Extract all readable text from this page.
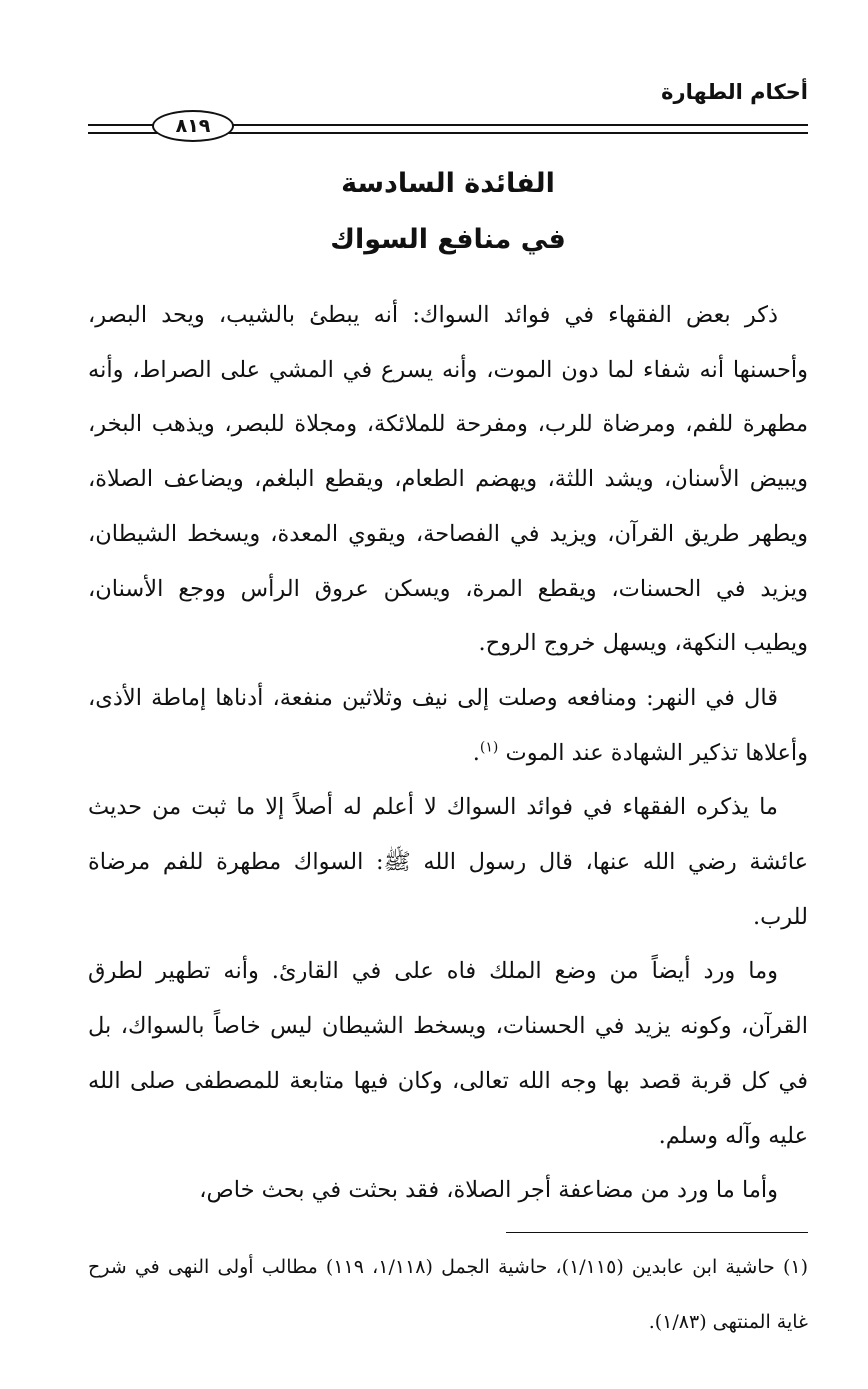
أحكام الطهارة
٨١٩
الفائدة السادسة
في منافع السواك

ذكر بعض الفقهاء في فوائد السواك: أنه يبطئ بالشيب، ويحد البصر، وأحسنها أنه شفاء لما دون الموت، وأنه يسرع في المشي على الصراط، وأنه مطهرة للفم، ومرضاة للرب، ومفرحة للملائكة، ومجلاة للبصر، ويذهب البخر، ويبيض الأسنان، ويشد اللثة، ويهضم الطعام، ويقطع البلغم، ويضاعف الصلاة، ويطهر طريق القرآن، ويزيد في الفصاحة، ويقوي المعدة، ويسخط الشيطان، ويزيد في الحسنات، ويقطع المرة، ويسكن عروق الرأس ووجع الأسنان، ويطيب النكهة، ويسهل خروج الروح.

قال في النهر: ومنافعه وصلت إلى نيف وثلاثين منفعة، أدناها إماطة الأذى، وأعلاها تذكير الشهادة عند الموت $^{(١)}$.

ما يذكره الفقهاء في فوائد السواك لا أعلم له أصلاً إلا ما ثبت من حديث عائشة رضي الله عنها، قال رسول الله ﷺ: السواك مطهرة للفم مرضاة للرب.

وما ورد أيضاً من وضع الملك فاه على في القارئ. وأنه تطهير لطرق القرآن، وكونه يزيد في الحسنات، ويسخط الشيطان ليس خاصاً بالسواك، بل في كل قربة قصد بها وجه الله تعالى، وكان فيها متابعة للمصطفى صلى الله عليه وآله وسلم.

وأما ما ورد من مضاعفة أجر الصلاة، فقد بحثت في بحث خاص،

(١) حاشية ابن عابدين (١/١١٥)، حاشية الجمل (١/١١٨، ١١٩) مطالب أولى النهى في شرح غاية المنتهى (١/٨٣).
